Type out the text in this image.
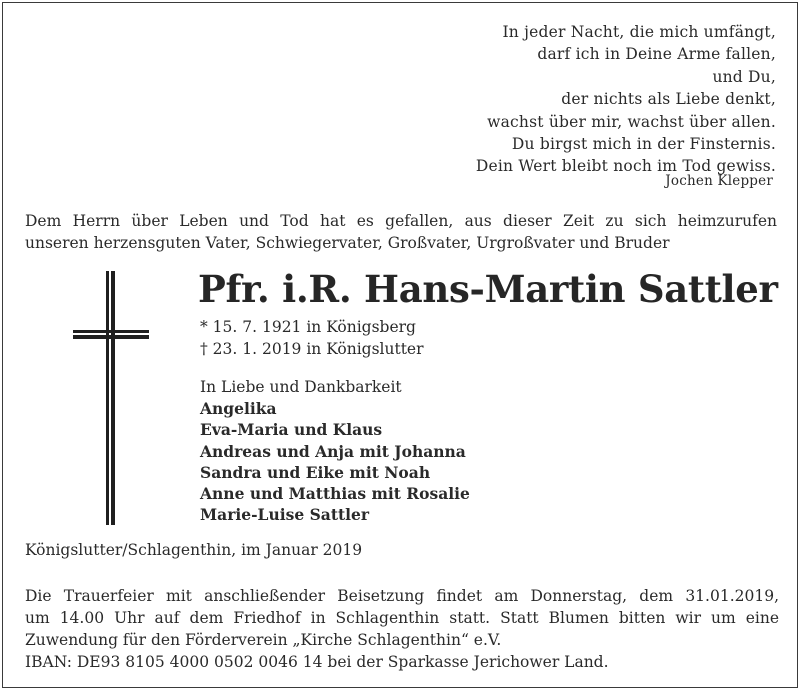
In jeder Nacht, die mich umfängt,
darf ich in Deine Arme fallen,
und Du,
der nichts als Liebe denkt,
wachst über mir, wachst über allen.
Du birgst mich in der Finsternis.
Dein Wert bleibt noch im Tod gewiss.
Jochen Klepper
Dem Herrn über Leben und Tod hat es gefallen, aus dieser Zeit zu sich heimzurufen
unseren herzensguten Vater, Schwiegervater, Großvater, Urgroßvater und Bruder
Pfr. i.R. Hans-Martin Sattler
* 15. 7. 1921 in Königsberg
† 23. 1. 2019 in Königslutter
In Liebe und Dankbarkeit
Angelika
Eva-Maria und Klaus
Andreas und Anja mit Johanna
Sandra und Eike mit Noah
Anne und Matthias mit Rosalie
Marie-Luise Sattler
Königslutter/Schlagenthin, im Januar 2019
Die Trauerfeier mit anschließender Beisetzung findet am Donnerstag, dem 31.01.2019,
um 14.00 Uhr auf dem Friedhof in Schlagenthin statt. Statt Blumen bitten wir um eine
Zuwendung für den Förderverein „Kirche Schlagenthin“ e.V.
IBAN: DE93 8105 4000 0502 0046 14 bei der Sparkasse Jerichower Land.
